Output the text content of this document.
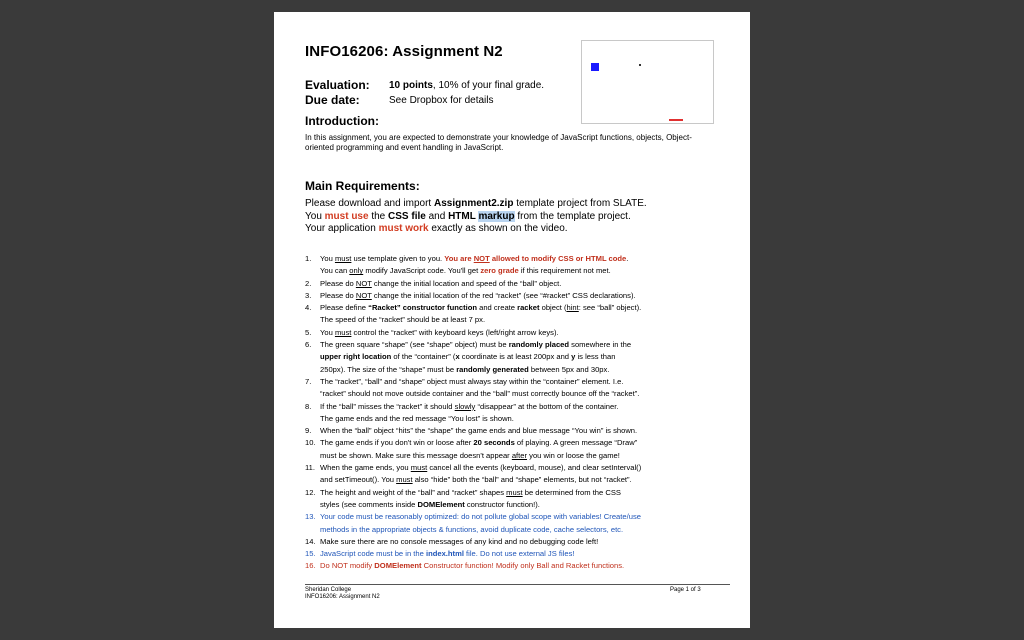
INFO16206: Assignment N2
Evaluation: 10 points, 10% of your final grade.
Due date:	See Dropbox for details
Introduction:
In this assignment, you are expected to demonstrate your knowledge of JavaScript functions, objects, Object-oriented programming and event handling in JavaScript.
Main Requirements:
Please download and import Assignment2.zip template project from SLATE.
You must use the CSS file and HTML markup from the template project.
Your application must work exactly as shown on the video.
1.	You must use template given to you. You are NOT allowed to modify CSS or HTML code.
You can only modify JavaScript code. You'll get zero grade if this requirement not met.
2.	Please do NOT change the initial location and speed of the “ball” object.
3.	Please do NOT change the initial location of the red “racket” (see “#racket” CSS declarations).
4.	Please define “Racket” constructor function and create racket object (hint: see “ball” object).
The speed of the “racket” should be at least 7 px.
5.	You must control the “racket” with keyboard keys (left/right arrow keys).
6.	The green square “shape” (see “shape” object) must be randomly placed somewhere in the
upper right location of the “container” (x coordinate is at least 200px and y is less than
250px). The size of the “shape” must be randomly generated between 5px and 30px.
7.	The “racket”, “ball” and “shape” object must always stay within the “container” element. I.e.
“racket” should not move outside container and the “ball” must correctly bounce off the “racket”.
8.	If the “ball” misses the “racket” it should slowly “disappear” at the bottom of the container.
The game ends and the red message “You lost” is shown.
9.	When the “ball” object “hits” the “shape” the game ends and blue message “You win” is shown.
10. The game ends if you don't win or loose after 20 seconds of playing. A green message “Draw”
must be shown. Make sure this message doesn't appear after you win or loose the game!
11. When the game ends, you must cancel all the events (keyboard, mouse), and clear setInterval()
and setTimeout(). You must also “hide” both the “ball” and “shape” elements, but not “racket”.
12. The height and weight of the “ball” and “racket” shapes must be determined from the CSS
styles (see comments inside DOMElement constructor function!).
13. Your code must be reasonably optimized: do not pollute global scope with variables! Create/use
methods in the appropriate objects & functions, avoid duplicate code, cache selectors, etc.
14. Make sure there are no console messages of any kind and no debugging code left!
15. JavaScript code must be in the index.html file. Do not use external JS files!
16. Do NOT modify DOMElement Constructor function! Modify only Ball and Racket functions.
Sheridan College
INFO16206: Assignment N2
Page 1 of 3
